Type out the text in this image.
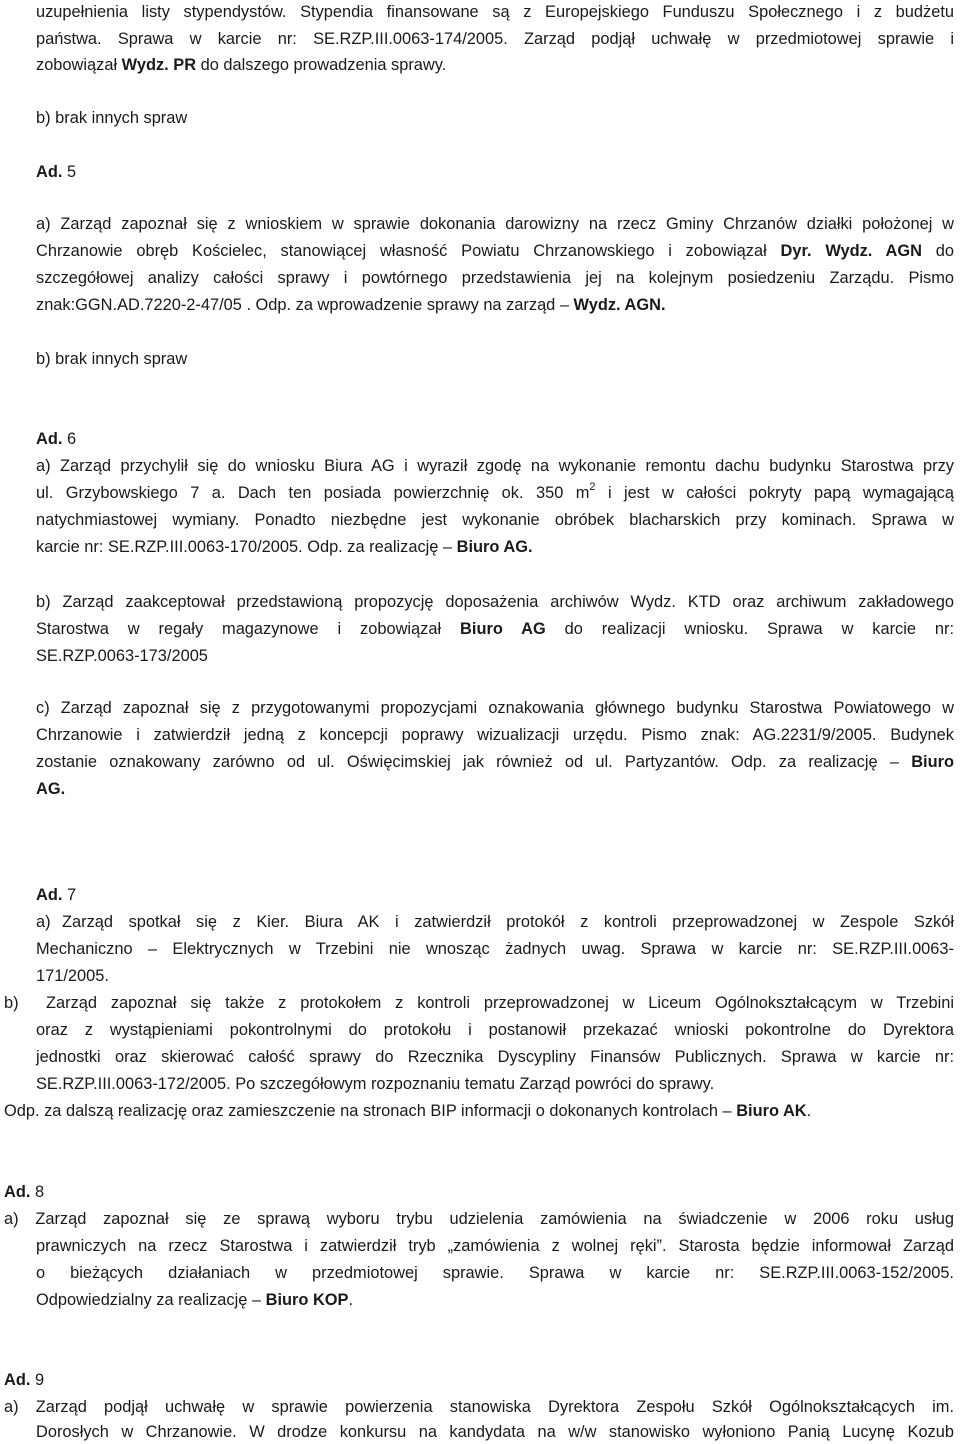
uzupełnienia listy stypendystów. Stypendia finansowane są z Europejskiego Funduszu Społecznego i z budżetu
państwa. Sprawa w karcie nr: SE.RZP.III.0063-174/2005. Zarząd podjął uchwałę w przedmiotowej sprawie i
zobowiązał Wydz. PR do dalszego prowadzenia sprawy.
b) brak innych spraw
Ad. 5
a) Zarząd zapoznał się z wnioskiem w sprawie dokonania darowizny na rzecz Gminy Chrzanów działki położonej w
Chrzanowie obręb Kościelec, stanowiącej własność Powiatu Chrzanowskiego i zobowiązał Dyr. Wydz. AGN do
szczegółowej analizy całości sprawy i powtórnego przedstawienia jej na kolejnym posiedzeniu Zarządu. Pismo
znak:GGN.AD.7220-2-47/05 . Odp. za wprowadzenie sprawy na zarząd – Wydz. AGN.
b) brak innych spraw
Ad. 6
a) Zarząd przychylił się do wniosku Biura AG i wyraził zgodę na wykonanie remontu dachu budynku Starostwa przy
ul. Grzybowskiego 7 a. Dach ten posiada powierzchnię ok. 350 $m^2$ i jest w całości pokryty papą wymagającą
natychmiastowej wymiany. Ponadto niezbędne jest wykonanie obróbek blacharskich przy kominach. Sprawa w
karcie nr: SE.RZP.III.0063-170/2005. Odp. za realizację – Biuro AG.
b) Zarząd zaakceptował przedstawioną propozycję doposażenia archiwów Wydz. KTD oraz archiwum zakładowego
Starostwa w regały magazynowe i zobowiązał Biuro AG do realizacji wniosku. Sprawa w karcie nr:
SE.RZP.0063-173/2005
c) Zarząd zapoznał się z przygotowanymi propozycjami oznakowania głównego budynku Starostwa Powiatowego w
Chrzanowie i zatwierdził jedną z koncepcji poprawy wizualizacji urzędu. Pismo znak: AG.2231/9/2005. Budynek
zostanie oznakowany zarówno od ul. Oświęcimskiej jak również od ul. Partyzantów. Odp. za realizację – Biuro
AG.
Ad. 7
a) Zarząd spotkał się z Kier. Biura AK i zatwierdził protokół z kontroli przeprowadzonej w Zespole Szkół
Mechaniczno – Elektrycznych w Trzebini nie wnosząc żadnych uwag. Sprawa w karcie nr: SE.RZP.III.0063-
171/2005.
b) Zarząd zapoznał się także z protokołem z kontroli przeprowadzonej w Liceum Ogólnokształcącym w Trzebini
oraz z wystąpieniami pokontrolnymi do protokołu i postanowił przekazać wnioski pokontrolne do Dyrektora
jednostki oraz skierować całość sprawy do Rzecznika Dyscypliny Finansów Publicznych. Sprawa w karcie nr:
SE.RZP.III.0063-172/2005. Po szczegółowym rozpoznaniu tematu Zarząd powróci do sprawy.
Odp. za dalszą realizację oraz zamieszczenie na stronach BIP informacji o dokonanych kontrolach – Biuro AK.
Ad. 8
a) Zarząd zapoznał się ze sprawą wyboru trybu udzielenia zamówienia na świadczenie w 2006 roku usług
prawniczych na rzecz Starostwa i zatwierdził tryb „zamówienia z wolnej ręki”. Starosta będzie informował Zarząd
o bieżących działaniach w przedmiotowej sprawie. Sprawa w karcie nr: SE.RZP.III.0063-152/2005.
Odpowiedzialny za realizację – Biuro KOP.
Ad. 9
a) Zarząd podjął uchwałę w sprawie powierzenia stanowiska Dyrektora Zespołu Szkół Ogólnokształcących im.
Dorosłych w Chrzanowie. W drodze konkursu na kandydata na w/w stanowisko wyłoniono Panią Lucynę Kozub
